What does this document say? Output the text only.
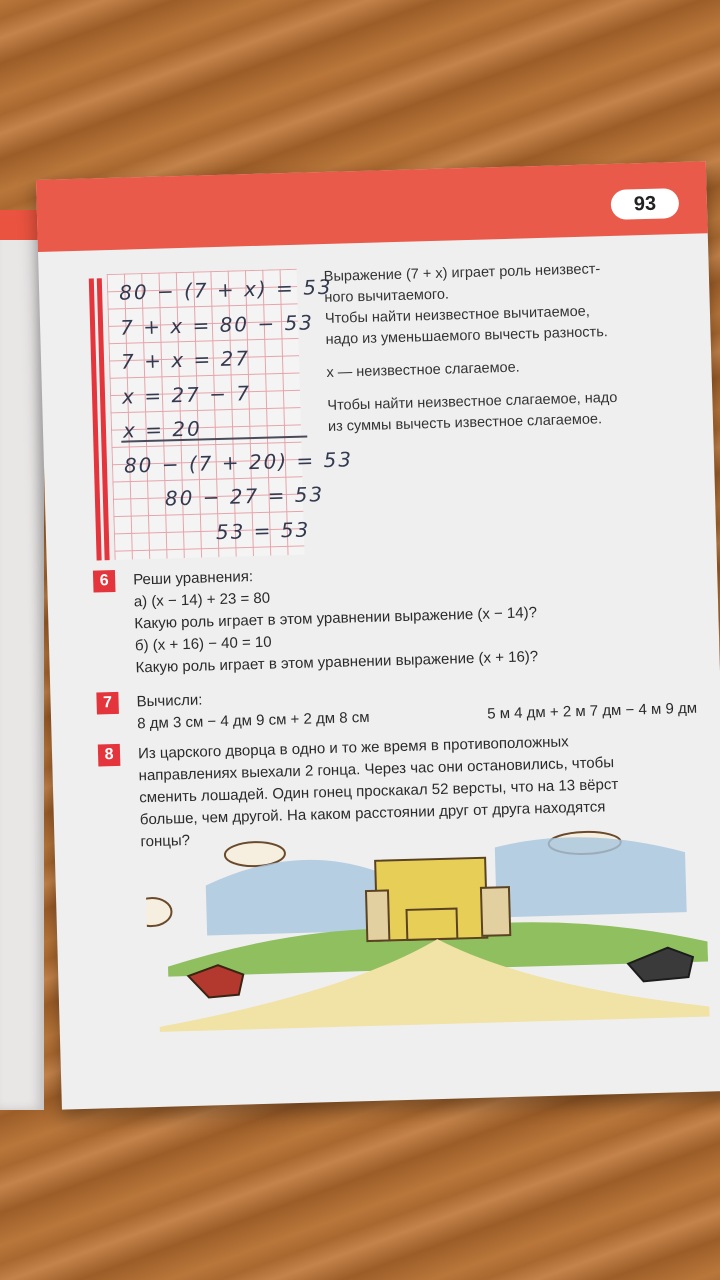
93
80 − (7 + x) = 53
7 + x = 80 − 53
7 + x = 27
x = 27 − 7
x = 20
80 − (7 + 20) = 53
80 − 27 = 53
53 = 53

Выражение (7 + x) играет роль неизвест-

ного вычитаемого.

Чтобы найти неизвестное вычитаемое,

надо из уменьшаемого вычесть разность.

x — неизвестное слагаемое.

Чтобы найти неизвестное слагаемое, надо

из суммы вычесть известное слагаемое.

6	Реши уравнения:

а) (x − 14) + 23 = 80

Какую роль играет в этом уравнении выражение (x − 14)?

б) (x + 16) − 40 = 10

Какую роль играет в этом уравнении выражение (x + 16)?

7	Вычисли:

8 дм 3 см − 4 дм 9 см + 2 дм 8 см	5 м 4 дм + 2 м 7 дм − 4 м 9 дм
8	Из царского дворца в одно и то же время в противоположных

направлениях выехали 2 гонца. Через час они остановились, чтобы

сменить лошадей. Один гонец проскакал 52 версты, что на 13 вёрст

больше, чем другой. На каком расстоянии друг от друга находятся

гонцы?
